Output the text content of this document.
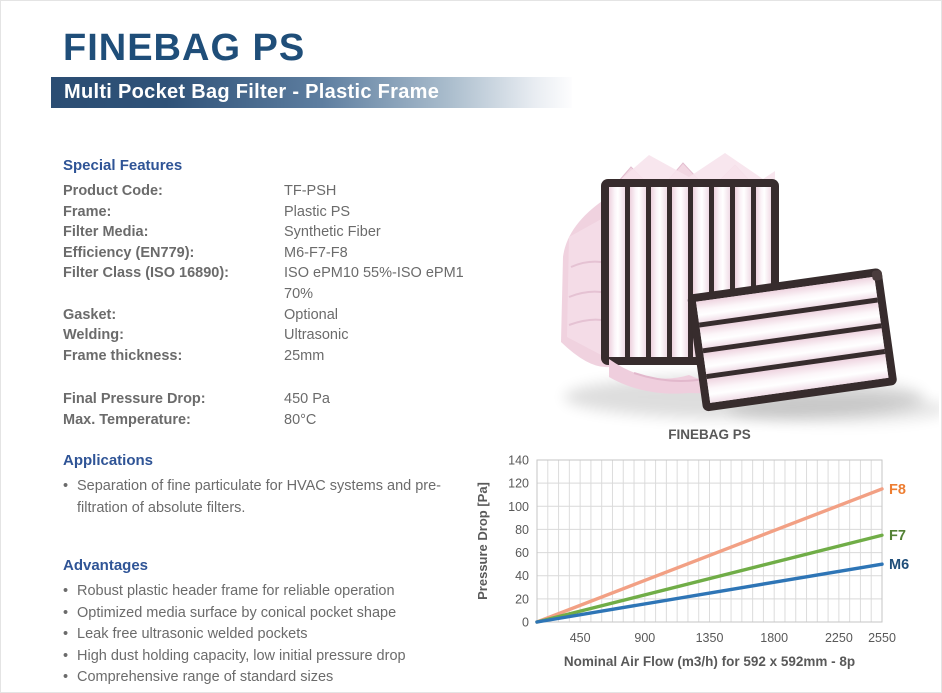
FINEBAG PS
Multi Pocket Bag Filter - Plastic Frame
Special Features
Product Code:	TF-PSH
Frame:	Plastic PS
Filter Media:	Synthetic Fiber
Efficiency (EN779):	M6-F7-F8
Filter Class (ISO 16890):	ISO ePM10 55%-ISO ePM1 70%
Gasket:	Optional
Welding:	Ultrasonic
Frame thickness:	25mm
Final Pressure Drop:	450 Pa
Max. Temperature:	80°C
Applications
• Separation of fine particulate for HVAC systems and pre-filtration of absolute filters.
Advantages
• Robust plastic header frame for reliable operation
• Optimized media surface by conical pocket shape
• Leak free ultrasonic welded pockets
• High dust holding capacity, low initial pressure drop
• Comprehensive range of standard sizes
F8
F7
M6
0
20
40
60
80
100
120
140
450	900	1350	1800	2250 2550
FINEBAG PS
Nominal Air Flow (m3/h) for 592 x 592mm - 8p
Pressure Drop [Pa]
